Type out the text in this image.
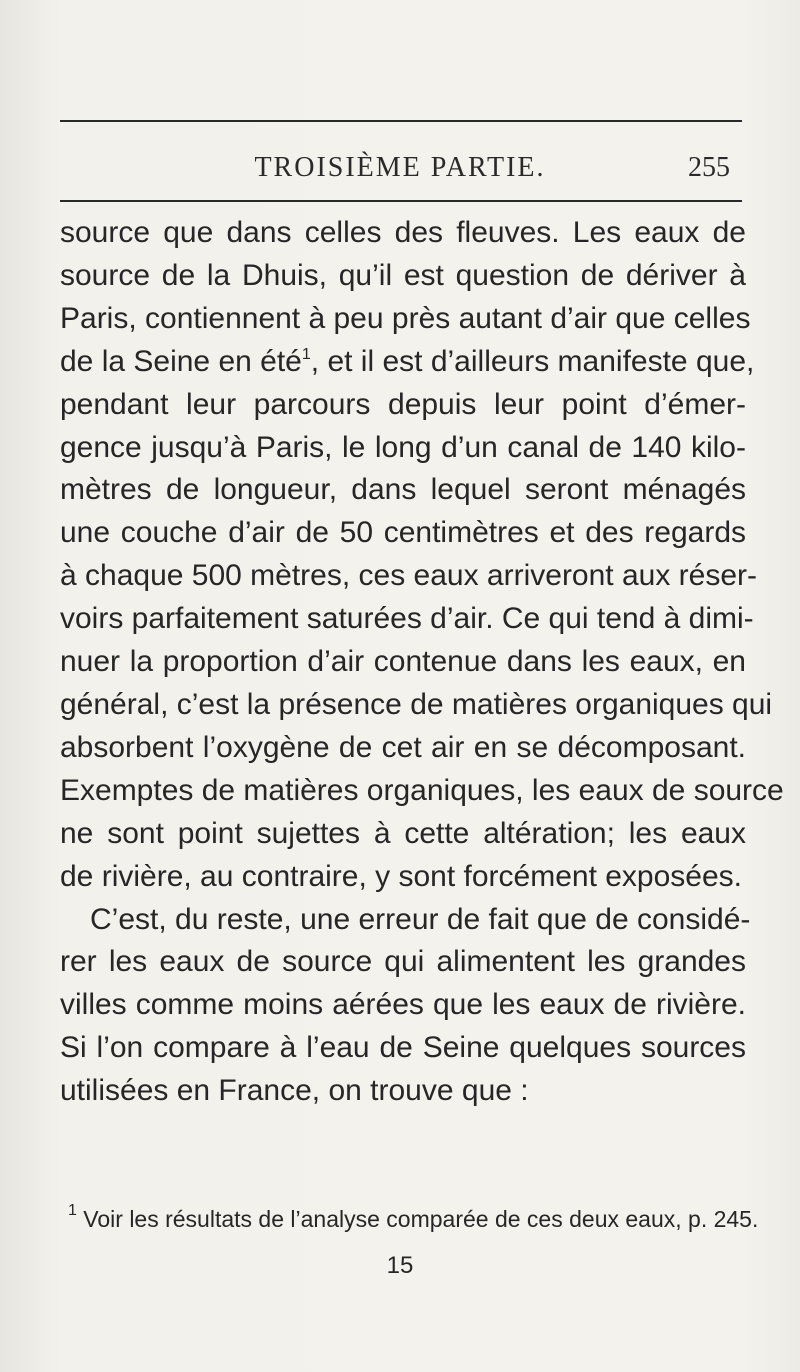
TROISIÈME PARTIE.	255
source que dans celles des fleuves. Les eaux de
source de la Dhuis, qu’il est question de dériver à
Paris, contiennent à peu près autant d’air que celles
de la Seine en été$^1$, et il est d’ailleurs manifeste que,
pendant leur parcours depuis leur point d’émer-
gence jusqu’à Paris, le long d’un canal de 140 kilo-
mètres de longueur, dans lequel seront ménagés
une couche d’air de 50 centimètres et des regards
à chaque 500 mètres, ces eaux arriveront aux réser-
voirs parfaitement saturées d’air. Ce qui tend à dimi-
nuer la proportion d’air contenue dans les eaux, en
général, c’est la présence de matières organiques qui
absorbent l’oxygène de cet air en se décomposant.
Exemptes de matières organiques, les eaux de source
ne sont point sujettes à cette altération; les eaux
de rivière, au contraire, y sont forcément exposées.
C’est, du reste, une erreur de fait que de considé-
rer les eaux de source qui alimentent les grandes
villes comme moins aérées que les eaux de rivière.
Si l’on compare à l’eau de Seine quelques sources
utilisées en France, on trouve que :
$^1$ Voir les résultats de l’analyse comparée de ces deux eaux, p. 245.
15
